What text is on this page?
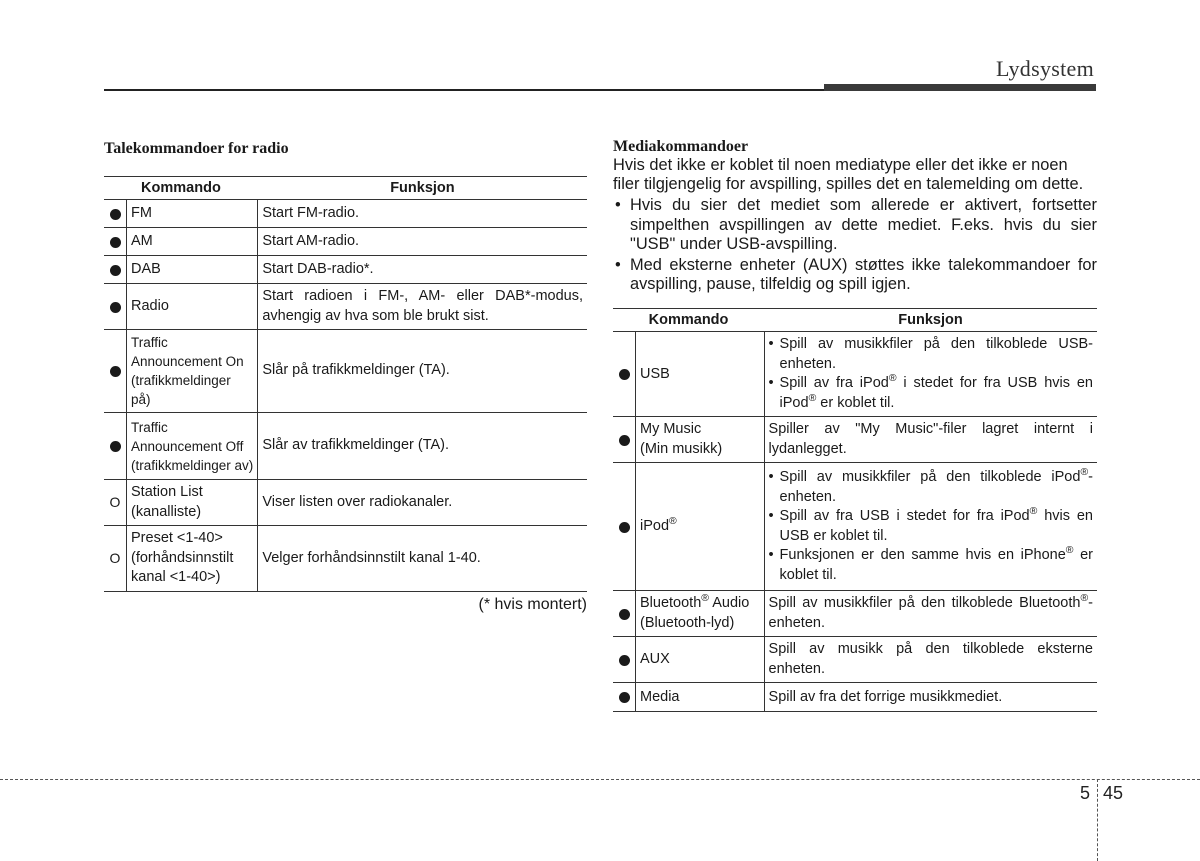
Lydsystem
Talekommandoer for radio
Kommando		Funksjon
	FM	Start FM-radio.
	AM	Start AM-radio.
	DAB	Start DAB-radio*.
	Radio	Start radioen i FM-, AM- eller DAB*-modus, avhengig av hva som ble brukt sist.

	Traffic
Announcement On
(trafikkmeldinger på)	Slår på trafikkmeldinger (TA).

	Traffic
Announcement Off
(trafikkmeldinger av)	Slår av trafikkmeldinger (TA).
O	Station List
(kanalliste)	Viser listen over radiokanaler.
O	Preset <1-40>
(forhåndsinnstilt
kanal <1-40>)	Velger forhåndsinnstilt kanal 1-40.
(* hvis montert)
Mediakommandoer

Hvis det ikke er koblet til noen mediatype eller det ikke er noen filer tilgjengelig for avspilling, spilles det en talemelding om dette.

• Hvis du sier det mediet som allerede er aktivert, fortsetter simpelthen avspillingen av dette mediet. F.eks. hvis du sier "USB" under USB-avspilling.
• Med eksterne enheter (AUX) støttes ikke talekommandoer for avspilling, pause, tilfeldig og spill igjen.
Kommando		Funksjon
	USB	• Spill av musikkfiler på den tilkoblede USB-enheten.
• Spill av fra iPod® i stedet for fra USB hvis en iPod® er koblet til.

	My Music
(Min musikk)	Spiller av "My Music"-filer lagret internt i lydanlegget.
	iPod®	• Spill av musikkfiler på den tilkoblede iPod®-enheten.
• Spill av fra USB i stedet for fra iPod® hvis en USB er koblet til.
• Funksjonen er den samme hvis en iPhone® er koblet til.

	Bluetooth® Audio
(Bluetooth-lyd)	Spill av musikkfiler på den tilkoblede Bluetooth®-enheten.
	AUX	Spill av musikk på den tilkoblede eksterne enheten.
	Media	Spill av fra det forrige musikkmediet.
5 45
